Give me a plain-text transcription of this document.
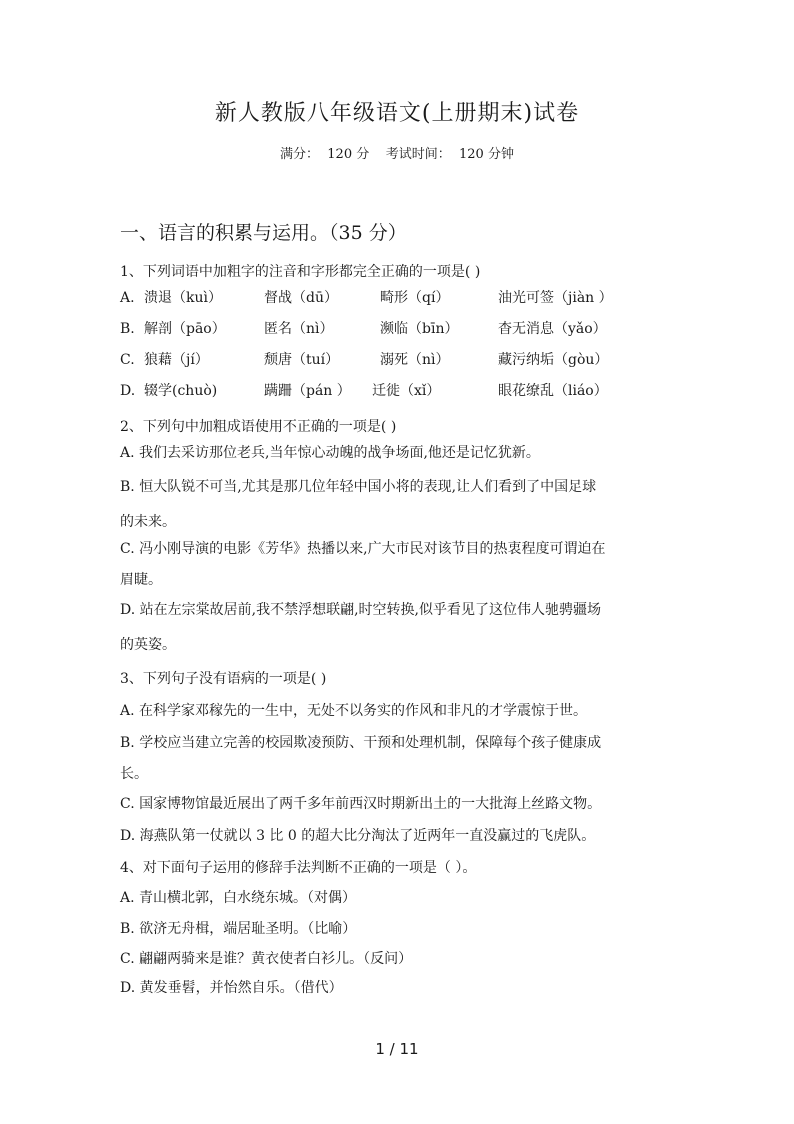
新人教版八年级语文(上册期末)试卷
满分：  120 分    考试时间：  120 分钟
一、语言的积累与运用。（35 分）
1、下列词语中加粗字的注音和字形都完全正确的一项是( )
A. 溃退（kuì）	督战（dū）	畸形（qí）	油光可签（jiàn ）
B. 解剖（pāo）	匿名（nì）	濒临（bīn）	杳无消息（yǎo）
C. 狼藉（jí）	颓唐（tuí）	溺死（nì）	藏污纳垢（gòu）
D. 辍学(chuò)	蹒跚（pán ） 迁徙（xǐ）	眼花缭乱（liáo）
2、下列句中加粗成语使用不正确的一项是( )
A. 我们去采访那位老兵,当年惊心动魄的战争场面,他还是记忆犹新。
B. 恒大队锐不可当,尤其是那几位年轻中国小将的表现,让人们看到了中国足球
的未来。
C. 冯小刚导演的电影《芳华》热播以来,广大市民对该节目的热衷程度可谓迫在
眉睫。
D. 站在左宗棠故居前,我不禁浮想联翩,时空转换,似乎看见了这位伟人驰骋疆场
的英姿。
3、下列句子没有语病的一项是( )
A. 在科学家邓稼先的一生中，无处不以务实的作风和非凡的才学震惊于世。
B. 学校应当建立完善的校园欺凌预防、干预和处理机制，保障每个孩子健康成
长。
C. 国家博物馆最近展出了两千多年前西汉时期新出土的一大批海上丝路文物。
D. 海燕队第一仗就以 3 比 0 的超大比分淘汰了近两年一直没赢过的飞虎队。
4、对下面句子运用的修辞手法判断不正确的一项是（ ）。
A. 青山横北郭，白水绕东城。（对偶）
B. 欲济无舟楫，端居耻圣明。（比喻）
C. 翩翩两骑来是谁？黄衣使者白衫儿。（反问）
D. 黄发垂髫，并怡然自乐。（借代）
1 / 11
